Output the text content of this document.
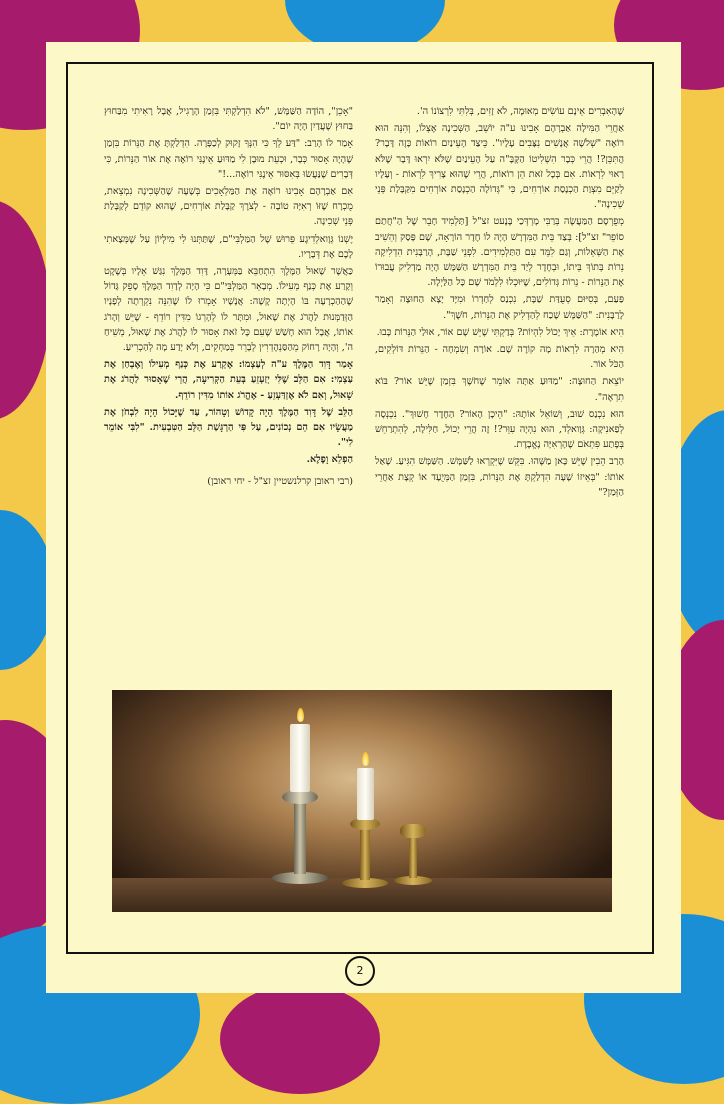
שֶׁהָאִבְרִים אֵינָם עוֹשִׂים מְאוּמָה, לֹא זָזִים, בְּלִתִּי לִרְצוֹנוֹ ה'.

אַחֲרֵי הַמִּילָה אַבְרָהָם אָבִינוּ ע"ה יוֹשֵׁב, הַשְּׁכִינָה אֶצְלוֹ, וְהִנֵּה הוּא רוֹאֶה "שְׁלֹשָׁה אֲנָשִׁים נִצָּבִים עָלָיו". כֵּיצַד הָעֵינַיִם רוֹאוֹת כָּזֶה דָּבָר? הֲתִּכֵּן?! הֲרֵי כְּבָר הִשְׁלִיטוֹ הַקָּבָּ"ה עַל הָעֵינַיִם שֶׁלֹּא יִרְאוּ דָּבָר שֶׁלֹּא רָאוּי לִרְאוֹת. אִם בְּכָל זֹאת הֵן רוֹאוֹת, הֲרֵי שֶׁהוּא צָרִיךְ לִרְאוֹת - וְעָלָיו לְקַיֵּם מִצְוַת הַכְנָסַת אוֹרְחִים, כִּי "גְּדוֹלָה הַכְנָסַת אוֹרְחִים מִקַּבָּלַת פְּנֵי שְׁכִינָה".

מְפֻרְסָם הַמַּעֲשֶׂה בְּרַבִּי מָרְדְּכַי בֶּנֶעט זצ"ל [תַּלְמִיד חָבֵר שֶׁל הַ"חֲתַם סוֹפֵר" זצ"ל]: בְּצַד בֵּית הַמִּדְרָשׁ הָיָה לוֹ חֶדֶר הוֹרָאָה, שָׁם פָּסַק וְהֵשִׁיב אֶת הַשְּׁאֵלוֹת, וְגַם לִמֵּד עִם הַתַּלְמִידִים. לִפְנֵי שַׁבָּת, הָרַבָּנִית הִדְלִיקָה נֵרוֹת בְּתוֹךְ בֵּיתוֹ, וּבְחֶדֶר לְיַד בֵּית הַמִּדְרָשׁ הַשַּׁמָּשׁ הָיָה מַדְלִיק עֲבוּרוֹ אֶת הַנֵּרוֹת - נֵרוֹת גְּדוֹלִים, שֶׁיּוּכְלוּ לִלְמֹד שָׁם כָּל הַלַּיְלָה.

פַּעַם, בְּסִיּוּם סְעֻדַּת שַׁבָּת, נִכְנַס לְחַדְרוֹ וּמִיָּד יָצָא הַחוּצָה וְאָמַר לָרַבָּנִית: "הַשַּׁמָּשׁ שָׁכַח לְהַדְלִיק אֶת הַנֵּרוֹת, חֹשֶׁךְ".

הִיא אוֹמֶרֶת: אֵיךְ יָכוֹל לִהְיוֹת? בְּדַקְתִּי שֶׁיֵּשׁ שָׁם אוֹר, אוּלַי הַנֵּרוֹת כָּבוּ.

הִיא מְהַרָה לִרְאוֹת מָה קוֹרֶה שָׁם. אוֹרָה וְשִׂמְחָה - הַנֵּרוֹת דּוֹלְקִים, הַכֹּל אוֹר.

יוֹצֵאת הַחוּצָה: "מַדּוּעַ אַתָּה אוֹמֵר שֶׁחֹשֶׁךְ בִּזְמַן שֶׁיֵּשׁ אוֹר? בּוֹא תִרְאֶה".

הוּא נִכְנַס שׁוּב, וְשׁוֹאֵל אוֹתָהּ: "הֵיכָן הָאוֹר? הַחֶדֶר חָשׁוּךְ". נִכְנְסָה לְפַאנִיקָה: גְּוָואלְד, הוּא נִהְיָה עִוֵּר?! זֶה הֲרֵי יָכוֹל, חַלִּילָה, לְהִתְרַחֵשׁ בְּפֶתַע פִּתְאֹם שֶׁהָרְאִיָּה נֶאֱבֶדֶת.

הָרַב הֵבִין שֶׁיֵּשׁ כָּאן מַשֶּׁהוּ. בִּקֵּשׁ שֶׁיִּקְרְאוּ לַשַּׁמָּשׁ. הַשַּׁמָּשׁ הִגִּיעַ. שָׁאַל אוֹתוֹ: "בְּאֵיזוֹ שָׁעָה הִדְלַקְתָּ אֶת הַנֵּרוֹת, בִּזְמַן הַמְּיֻעָד אוֹ קְצָת אַחֲרֵי הַזְּמַן?"

"אָכֵן", הוֹדָה הַשַּׁמָּשׁ, "לֹא הִדְלַקְתִּי בִּזְמַן הָרָגִיל, אֲבָל רָאִיתִי מִבַּחוּץ בַּחוּץ שֶׁעֲדַיִן הָיָה יוֹם".

אָמַר לוֹ הָרַב: "דַּע לְךָ כִּי הִנְּךָ זָקוּק לְכַפָּרָה. הִדְלַקְתָּ אֶת הַנֵּרוֹת בִּזְמַן שֶׁהָיָה אָסוּר כְּבָר, וּכְעֵת מוּבָן לִי מַדּוּעַ אֵינֶנִּי רוֹאֶה אֶת אוֹר הַנֵּרוֹת, כִּי דְּבָרִים שֶׁנַּעֲשׂוּ בְּאִסּוּר אֵינֶנִּי רוֹאֶה...!"

אִם אַבְרָהָם אָבִינוּ רוֹאֶה אֶת הַמַּלְאָכִים בְּשָׁעָה שֶׁהַשְּׁכִינָה נִמְצֵאת, מֻכְרָח שֶׁזּוֹ רְאִיָּה טוֹבָה - לְצֹרֶךְ קַבָּלַת אוֹרְחִים, שֶׁהוּא קוֹדֵם לְקַבָּלַת פְּנֵי שְׁכִינָה.

יֶשְׁנוֹ גְּוָואלְדִיגֶע פֵּרוּשׁ שֶׁל הַמַּלְבִּי"ם, שֶׁתַּתְּנוּ לִי מִילְיוֹן עַל שֶׁמְּצָאתִי לָכֶם אֶת דְּבָרָיו.

כַּאֲשֶׁר שָׁאוּל הַמֶּלֶךְ הִתְחַבֵּא בַּמְּעָרָה, דָּוִד הַמֶּלֶךְ נִגַּשׁ אֵלָיו בְּשֶׁקֶט וְקָרַע אֶת כְּנַף מְעִילוֹ. מְבָאֵר הַמַּלְבִּי"ם כִּי הָיָה לְדָוִד הַמֶּלֶךְ סָפֵק גָּדוֹל שֶׁהַהַכְרָעָה בּוֹ הָיְתָה קָשָׁה: אֲנָשָׁיו אָמְרוּ לוֹ שֶׁהִנֵּה נִקְרְתָה לְפָנָיו הַזְּדַמְּנוּת לַהֲרֹג אֶת שָׁאוּל, וּמִתָּר לוֹ לְהָרְגוֹ מִדִּין רוֹדֵף - שֶׁיֵּשׁ וְהָרֹג אוֹתוֹ, אֲבָל הוּא חָשַׁשׁ שֶׁעִם כָּל זֹאת אָסוּר לוֹ לַהֲרֹג אֶת שָׁאוּל, מְשִׁיחַ ה', וְהָיָה רָחוֹק מֵהַסַּנְהֶדְרִין לְבָרֵר בְּמַחְקִים, וְלֹא יָדַע מָה לְהַכְרִיעַ.

אָמַר דָּוִד הַמֶּלֶךְ ע"ה לְעַצְמוֹ: אֶקְרַע אֶת כְּנַף מְעִילוֹ וְאֶבְחַן אֶת עַצְמִי: אִם הַלֵּב שֶׁלִּי יְזַעְזֵעַ בְּעֵת הַקְּרִיעָה, הֲרֵי שֶׁאָסוּר לַהֲרֹג אֶת שָׁאוּל, וְאִם לֹא אֶזְדַּעְזֵעַ - אֶהֱרֹג אוֹתוֹ מִדִּין רוֹדֵף.

הַלֵּב שֶׁל דָּוִד הַמֶּלֶךְ הָיָה קָדוֹשׁ וְטָהוֹר, עַד שֶׁיָּכוֹל הָיָה לִבְחֹן אֶת מַעֲשָׂיו אִם הֵם נְכוֹנִים, עַל פִּי הַרְגָּשַׁת הַלֵּב הַטִּבְעִית. "לִבִּי אוֹמֵר לִי".

הַפְלֵא וָפֶלֶא.

(רבי ראובן קרלנשטיין זצ"ל - יחי ראובן)

2
